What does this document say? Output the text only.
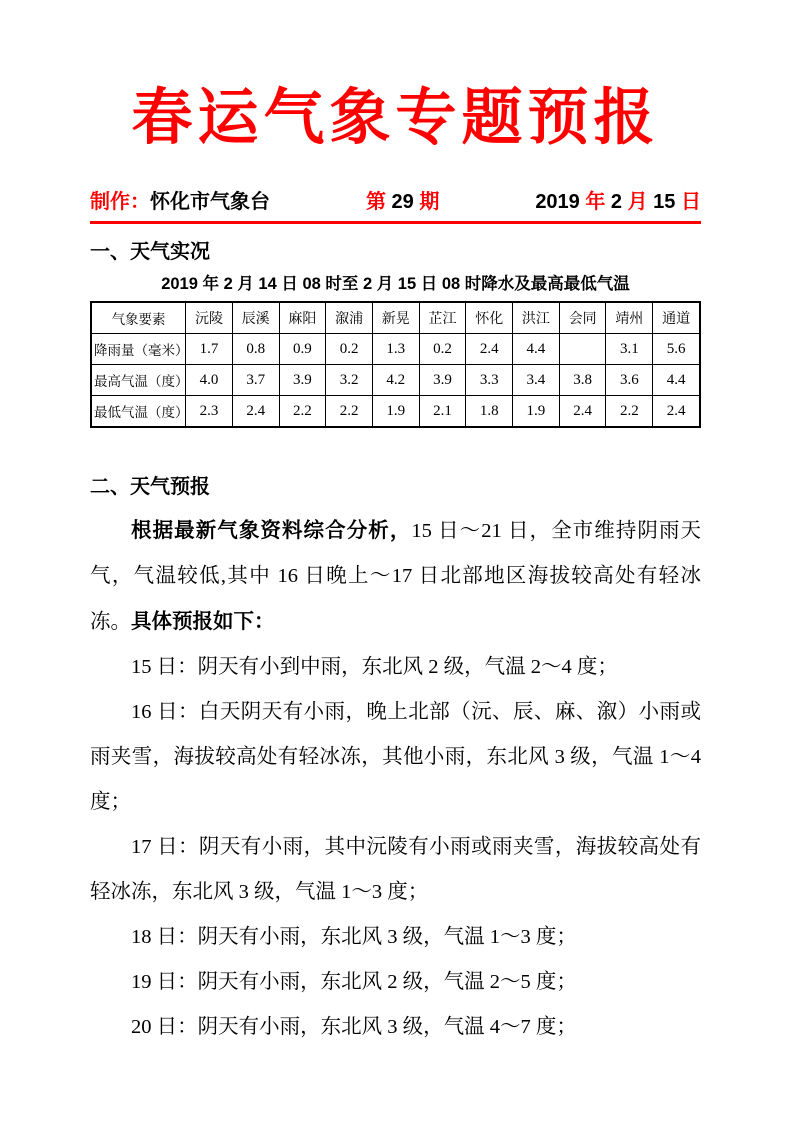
春运气象专题预报
制作：怀化市气象台	第 29 期	2019 年 2 月 15 日
一、天气实况
2019 年 2 月 14 日 08 时至 2 月 15 日 08 时降水及最高最低气温
气象要素	沅陵	辰溪	麻阳	溆浦	新晃	芷江	怀化	洪江	会同	靖州	通道
降雨量（毫米）	1.7	0.8	0.9	0.2	1.3	0.2	2.4	4.4		3.1	5.6
最高气温（度）	4.0	3.7	3.9	3.2	4.2	3.9	3.3	3.4	3.8	3.6	4.4
最低气温（度）	2.3	2.4	2.2	2.2	1.9	2.1	1.8	1.9	2.4	2.2	2.4
二、天气预报

根据最新气象资料综合分析，15 日～21 日，全市维持阴雨天气，气温较低,其中 16 日晚上～17 日北部地区海拔较高处有轻冰冻。具体预报如下：

15 日：阴天有小到中雨，东北风 2 级，气温 2～4 度；

16 日：白天阴天有小雨，晚上北部（沅、辰、麻、溆）小雨或雨夹雪，海拔较高处有轻冰冻，其他小雨，东北风 3 级，气温 1～4 度；

17 日：阴天有小雨，其中沅陵有小雨或雨夹雪，海拔较高处有轻冰冻，东北风 3 级，气温 1～3 度；

18 日：阴天有小雨，东北风 3 级，气温 1～3 度；

19 日：阴天有小雨，东北风 2 级，气温 2～5 度；

20 日：阴天有小雨，东北风 3 级，气温 4～7 度；
